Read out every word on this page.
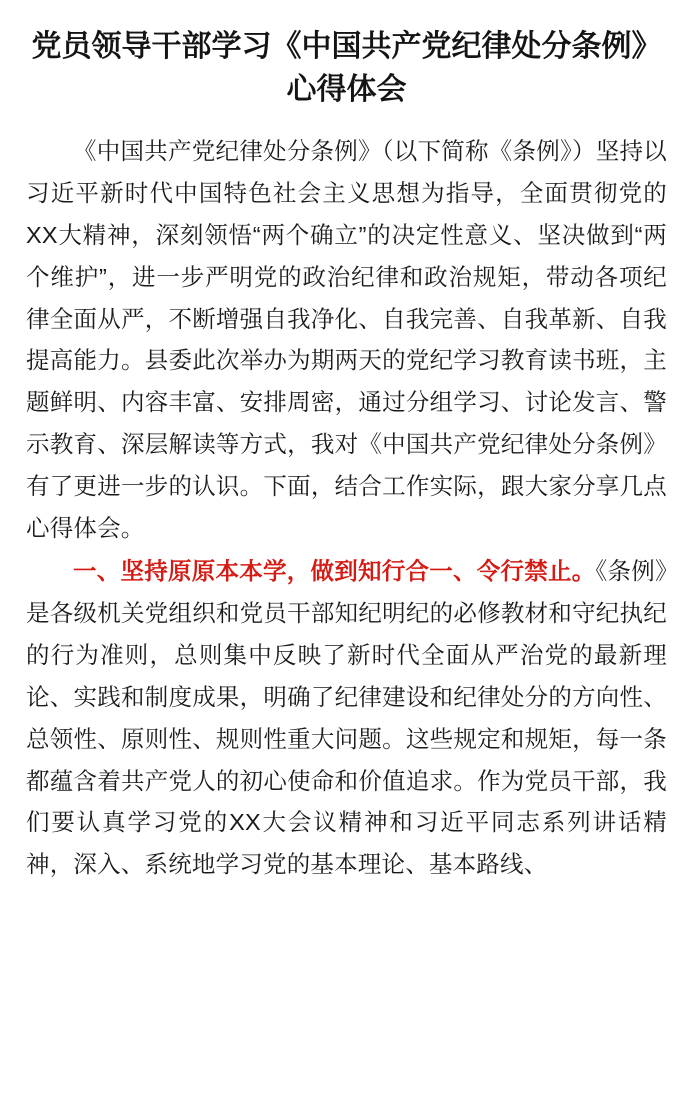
党员领导干部学习《中国共产党纪律处分条例》心得体会

《中国共产党纪律处分条例》（以下简称《条例》）坚持以习近平新时代中国特色社会主义思想为指导，全面贯彻党的XX大精神，深刻领悟“两个确立”的决定性意义、坚决做到“两个维护”，进一步严明党的政治纪律和政治规矩，带动各项纪律全面从严，不断增强自我净化、自我完善、自我革新、自我提高能力。县委此次举办为期两天的党纪学习教育读书班，主题鲜明、内容丰富、安排周密，通过分组学习、讨论发言、警示教育、深层解读等方式，我对《中国共产党纪律处分条例》有了更进一步的认识。下面，结合工作实际，跟大家分享几点心得体会。

一、坚持原原本本学，做到知行合一、令行禁止。《条例》是各级机关党组织和党员干部知纪明纪的必修教材和守纪执纪的行为准则，总则集中反映了新时代全面从严治党的最新理论、实践和制度成果，明确了纪律建设和纪律处分的方向性、总领性、原则性、规则性重大问题。这些规定和规矩，每一条都蕴含着共产党人的初心使命和价值追求。作为党员干部，我们要认真学习党的XX大会议精神和习近平同志系列讲话精神，深入、系统地学习党的基本理论、基本路线、
